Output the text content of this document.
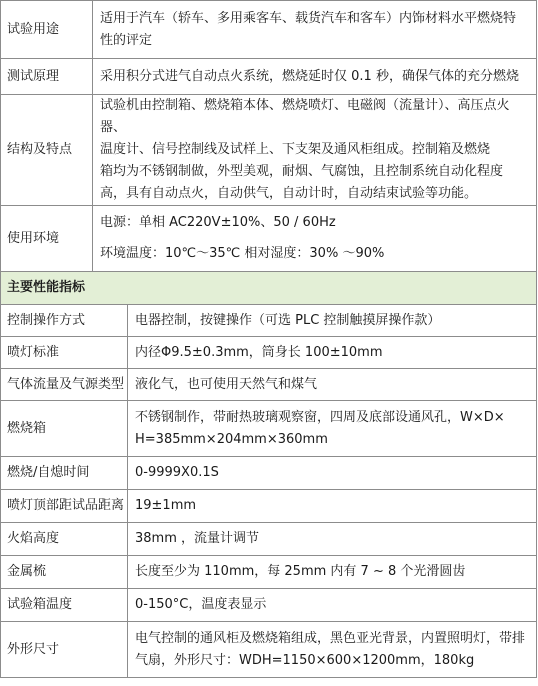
试验用途	适用于汽车（轿车、多用乘客车、载货汽车和客车）内饰材料水平燃烧特

性的评定

测试原理	采用积分式进气自动点火系统，燃烧延时仅 0.1 秒，确保气体的充分燃烧

结构及特点	试验机由控制箱、燃烧箱本体、燃烧喷灯、电磁阀（流量计）、高压点火器、

温度计、信号控制线及试样上、下支架及通风柜组成。控制箱及燃烧

箱均为不锈钢制做，外型美观，耐烟、气腐蚀，且控制系统自动化程度

高，具有自动点火，自动供气，自动计时，自动结束试验等功能。

使用环境	电源：单相 AC220V±10%、50 / 60Hz

环境温度：10℃～35℃ 相对湿度：30% ～90%

主要性能指标	
控制操作方式	电器控制，按键操作（可选 PLC 控制触摸屏操作款）

喷灯标准	内径Φ9.5±0.3mm，筒身长 100±10mm

气体流量及气源类型	液化气，也可使用天然气和煤气

燃烧箱	不锈钢制作，带耐热玻璃观察窗，四周及底部设通风孔，W×D×

H=385mm×204mm×360mm

燃烧/自熄时间	0-9999X0.1S

喷灯顶部距试品距离	19±1mm

火焰高度	38mm ，流量计调节

金属梳	长度至少为 110mm，每 25mm 内有 7 ~ 8 个光滑圆齿

试验箱温度	0-150°C，温度表显示

外形尺寸	电气控制的通风柜及燃烧箱组成，黑色亚光背景，内置照明灯，带排

气扇，外形尺寸：WDH=1150×600×1200mm，180kg
